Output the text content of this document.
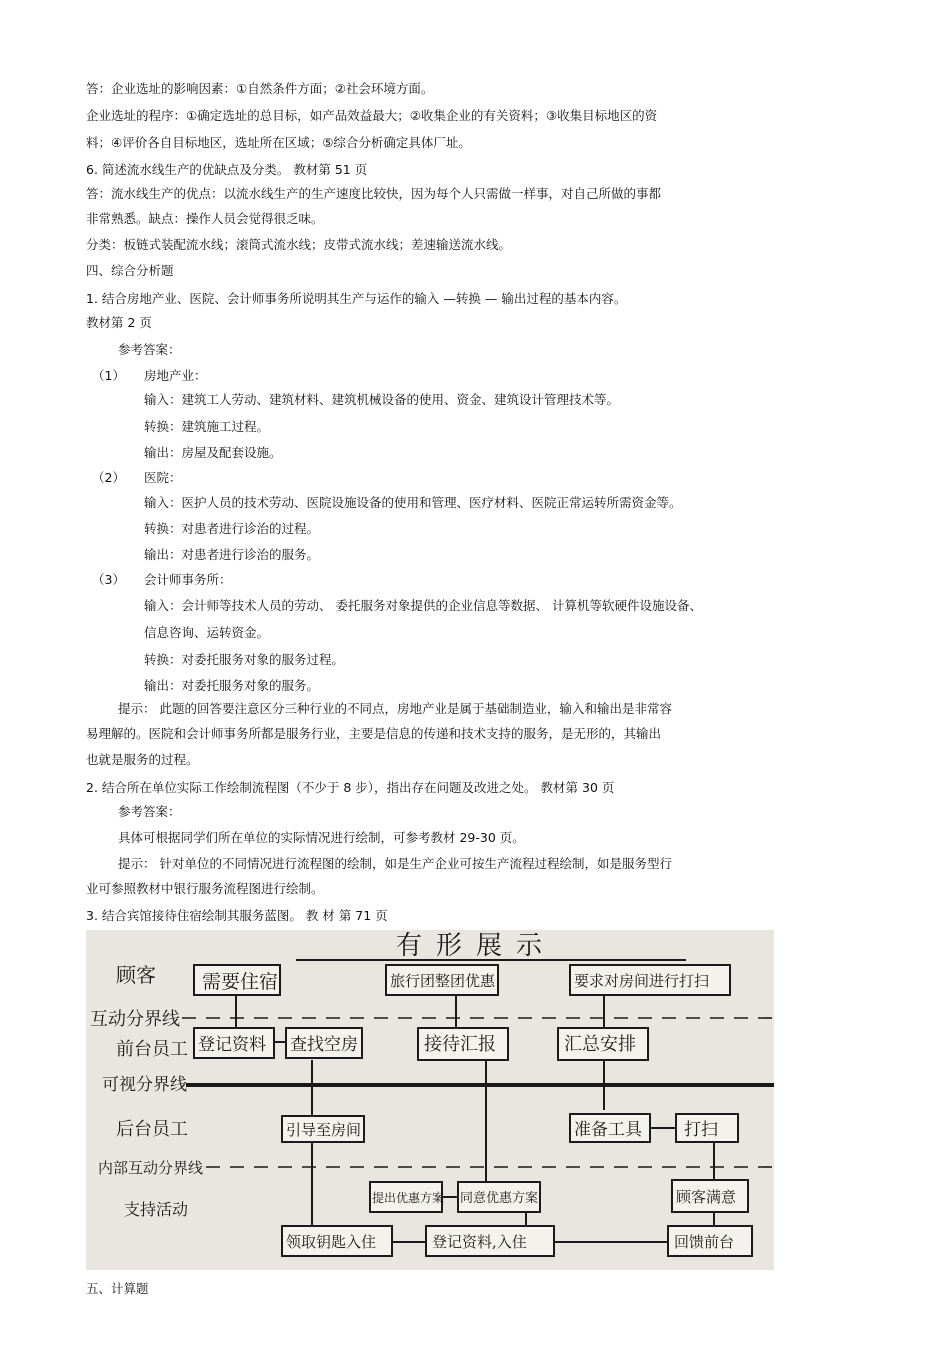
答：企业选址的影响因素：①自然条件方面；②社会环境方面。
企业选址的程序：①确定选址的总目标，如产品效益最大；②收集企业的有关资料；③收集目标地区的资
料；④评价各自目标地区，选址所在区域；⑤综合分析确定具体厂址。
6. 简述流水线生产的优缺点及分类。 教材第 51 页
答：流水线生产的优点：以流水线生产的生产速度比较快，因为每个人只需做一样事，对自己所做的事都
非常熟悉。缺点：操作人员会觉得很乏味。
分类：板链式装配流水线；滚筒式流水线；皮带式流水线；差速输送流水线。
四、综合分析题
1. 结合房地产业、医院、会计师事务所说明其生产与运作的输入 —转换 — 输出过程的基本内容。
教材第 2 页
参考答案：
（1） 房地产业：
输入：建筑工人劳动、建筑材料、建筑机械设备的使用、资金、建筑设计管理技术等。
转换：建筑施工过程。
输出：房屋及配套设施。
（2） 医院：
输入：医护人员的技术劳动、医院设施设备的使用和管理、医疗材料、医院正常运转所需资金等。
转换：对患者进行诊治的过程。
输出：对患者进行诊治的服务。
（3） 会计师事务所：
输入：会计师等技术人员的劳动、 委托服务对象提供的企业信息等数据、 计算机等软硬件设施设备、
信息咨询、运转资金。
转换：对委托服务对象的服务过程。
输出：对委托服务对象的服务。
提示： 此题的回答要注意区分三种行业的不同点，房地产业是属于基础制造业，输入和输出是非常容
易理解的。医院和会计师事务所都是服务行业，主要是信息的传递和技术支持的服务，是无形的，其输出
也就是服务的过程。
2. 结合所在单位实际工作绘制流程图（不少于 8 步），指出存在问题及改进之处。 教材第 30 页
参考答案：
具体可根据同学们所在单位的实际情况进行绘制，可参考教材 29-30 页。
提示： 针对单位的不同情况进行流程图的绘制，如是生产企业可按生产流程过程绘制，如是服务型行
业可参照教材中银行服务流程图进行绘制。
3. 结合宾馆接待住宿绘制其服务蓝图。 教 材 第 71 页
有形展示
顾客
互动分界线
前台员工
可视分界线
后台员工
内部互动分界线
支持活动
需要住宿	旅行团整团优惠	要求对房间进行打扫
登记资料 查找空房	接待汇报	汇总安排
引导至房间	准备工具 打扫
提出优惠方案 同意优惠方案	顾客满意
领取钥匙入住	登记资料,入住	回馈前台
五、计算题
